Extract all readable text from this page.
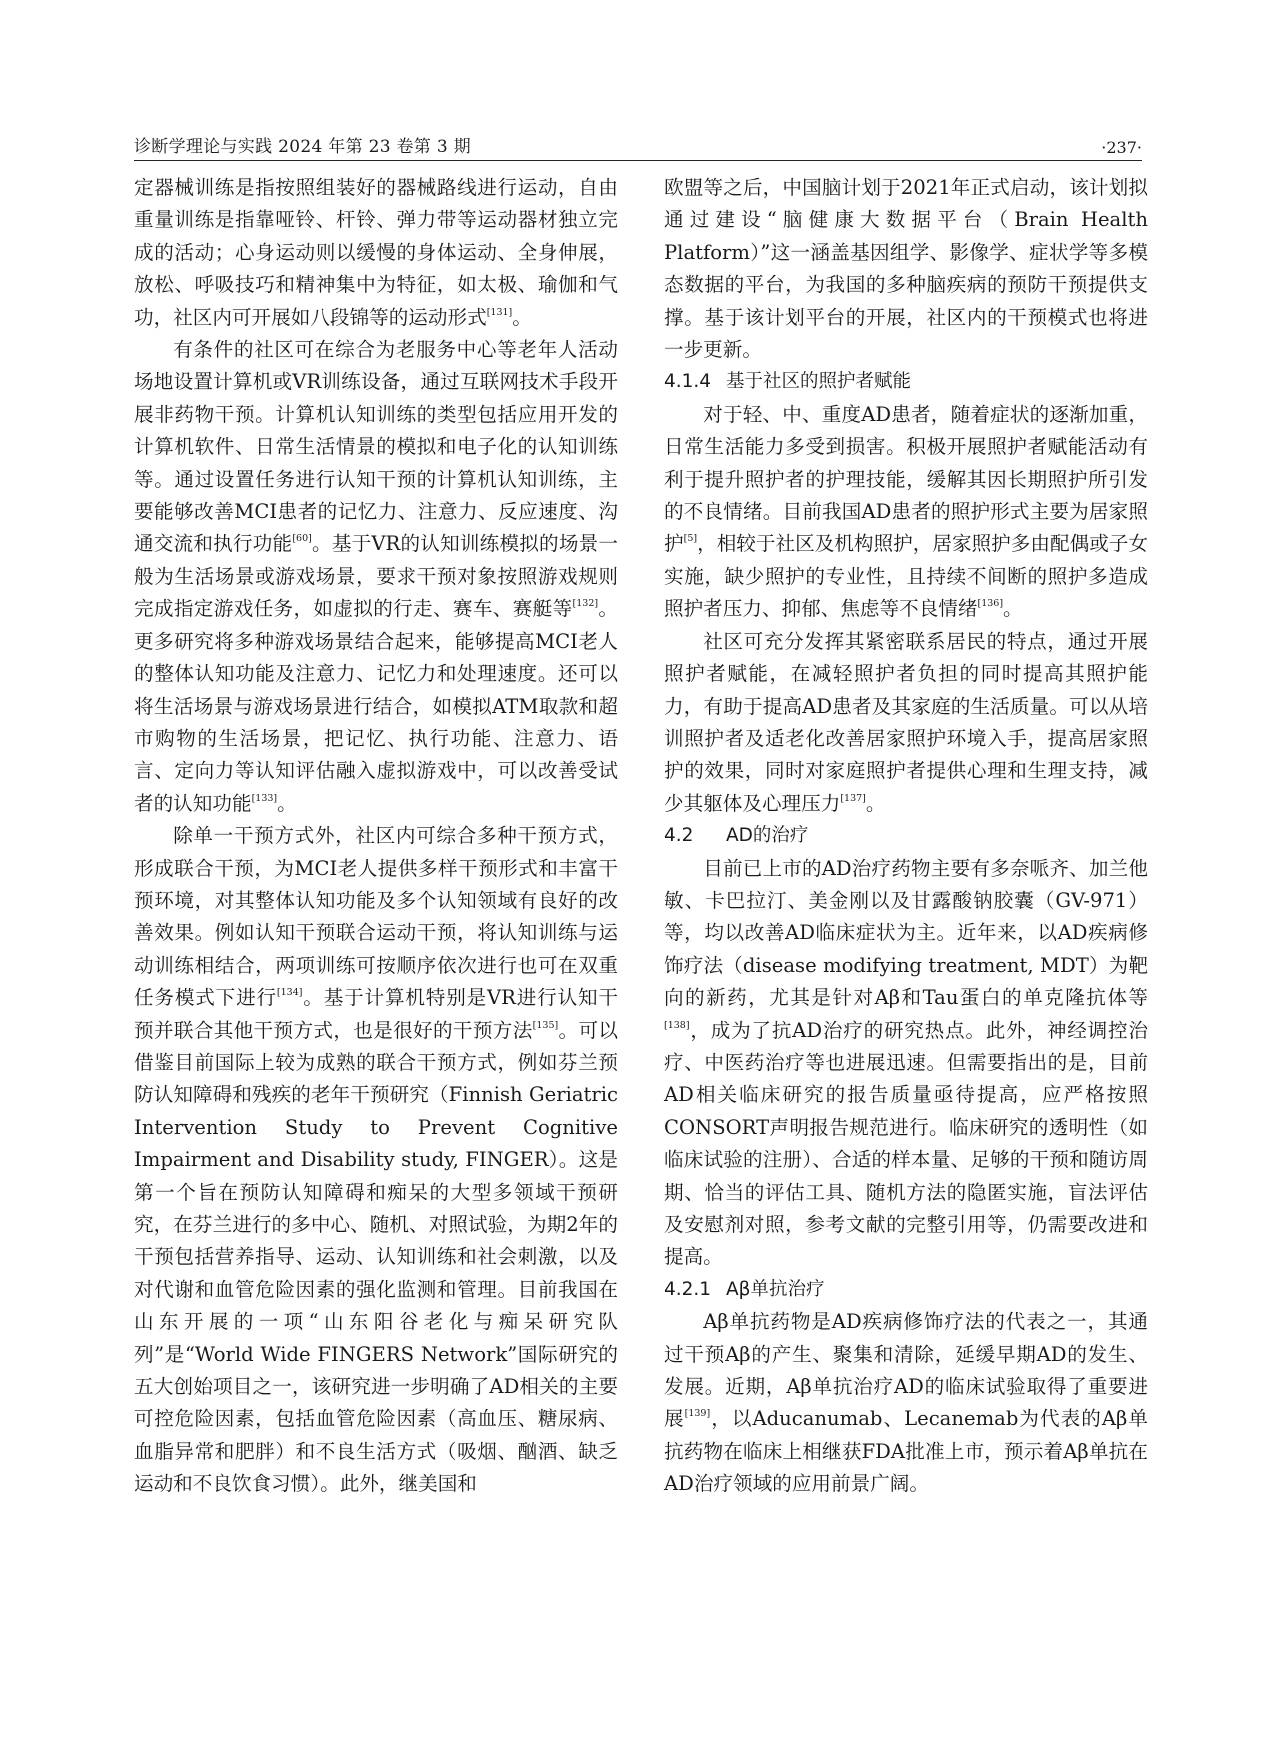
诊断学理论与实践 2024 年第 23 卷第 3 期	·237·

定器械训练是指按照组装好的器械路线进行运动，自由重量训练是指靠哑铃、杆铃、弹力带等运动器材独立完成的活动；心身运动则以缓慢的身体运动、全身伸展，放松、呼吸技巧和精神集中为特征，如太极、瑜伽和气功，社区内可开展如八段锦等的运动形式[131]。

有条件的社区可在综合为老服务中心等老年人活动场地设置计算机或VR训练设备，通过互联网技术手段开展非药物干预。计算机认知训练的类型包括应用开发的计算机软件、日常生活情景的模拟和电子化的认知训练等。通过设置任务进行认知干预的计算机认知训练，主要能够改善MCI患者的记忆力、注意力、反应速度、沟通交流和执行功能[60]。基于VR的认知训练模拟的场景一般为生活场景或游戏场景，要求干预对象按照游戏规则完成指定游戏任务，如虚拟的行走、赛车、赛艇等[132]。更多研究将多种游戏场景结合起来，能够提高MCI老人的整体认知功能及注意力、记忆力和处理速度。还可以将生活场景与游戏场景进行结合，如模拟ATM取款和超市购物的生活场景，把记忆、执行功能、注意力、语言、定向力等认知评估融入虚拟游戏中，可以改善受试者的认知功能[133]。

除单一干预方式外，社区内可综合多种干预方式，形成联合干预，为MCI老人提供多样干预形式和丰富干预环境，对其整体认知功能及多个认知领域有良好的改善效果。例如认知干预联合运动干预，将认知训练与运动训练相结合，两项训练可按顺序依次进行也可在双重任务模式下进行[134]。基于计算机特别是VR进行认知干预并联合其他干预方式，也是很好的干预方法[135]。可以借鉴目前国际上较为成熟的联合干预方式，例如芬兰预防认知障碍和残疾的老年干预研究（Finnish Geriatric Intervention Study to Prevent Cognitive Impairment and Disability study, FINGER）。这是第一个旨在预防认知障碍和痴呆的大型多领域干预研究，在芬兰进行的多中心、随机、对照试验，为期2年的干预包括营养指导、运动、认知训练和社会刺激，以及对代谢和血管危险因素的强化监测和管理。目前我国在山东开展的一项“山东阳谷老化与痴呆研究队列”是“World Wide FINGERS Network”国际研究的五大创始项目之一，该研究进一步明确了AD相关的主要可控危险因素，包括血管危险因素（高血压、糖尿病、血脂异常和肥胖）和不良生活方式（吸烟、酗酒、缺乏运动和不良饮食习惯）。此外，继美国和

欧盟等之后，中国脑计划于2021年正式启动，该计划拟通过建设“脑健康大数据平台（Brain Health Platform）”这一涵盖基因组学、影像学、症状学等多模态数据的平台，为我国的多种脑疾病的预防干预提供支撑。基于该计划平台的开展，社区内的干预模式也将进一步更新。

4.1.4 基于社区的照护者赋能

对于轻、中、重度AD患者，随着症状的逐渐加重，日常生活能力多受到损害。积极开展照护者赋能活动有利于提升照护者的护理技能，缓解其因长期照护所引发的不良情绪。目前我国AD患者的照护形式主要为居家照护[5]，相较于社区及机构照护，居家照护多由配偶或子女实施，缺少照护的专业性，且持续不间断的照护多造成照护者压力、抑郁、焦虑等不良情绪[136]。

社区可充分发挥其紧密联系居民的特点，通过开展照护者赋能，在减轻照护者负担的同时提高其照护能力，有助于提高AD患者及其家庭的生活质量。可以从培训照护者及适老化改善居家照护环境入手，提高居家照护的效果，同时对家庭照护者提供心理和生理支持，减少其躯体及心理压力[137]。

4.2 AD的治疗

目前已上市的AD治疗药物主要有多奈哌齐、加兰他敏、卡巴拉汀、美金刚以及甘露酸钠胶囊（GV-971）等，均以改善AD临床症状为主。近年来，以AD疾病修饰疗法（disease modifying treatment, MDT）为靶向的新药，尤其是针对Aβ和Tau蛋白的单克隆抗体等[138]，成为了抗AD治疗的研究热点。此外，神经调控治疗、中医药治疗等也进展迅速。但需要指出的是，目前AD相关临床研究的报告质量亟待提高，应严格按照CONSORT声明报告规范进行。临床研究的透明性（如临床试验的注册）、合适的样本量、足够的干预和随访周期、恰当的评估工具、随机方法的隐匿实施，盲法评估及安慰剂对照，参考文献的完整引用等，仍需要改进和提高。

4.2.1 Aβ单抗治疗

Aβ单抗药物是AD疾病修饰疗法的代表之一，其通过干预Aβ的产生、聚集和清除，延缓早期AD的发生、发展。近期，Aβ单抗治疗AD的临床试验取得了重要进展[139]，以Aducanumab、Lecanemab为代表的Aβ单抗药物在临床上相继获FDA批准上市，预示着Aβ单抗在AD治疗领域的应用前景广阔。
